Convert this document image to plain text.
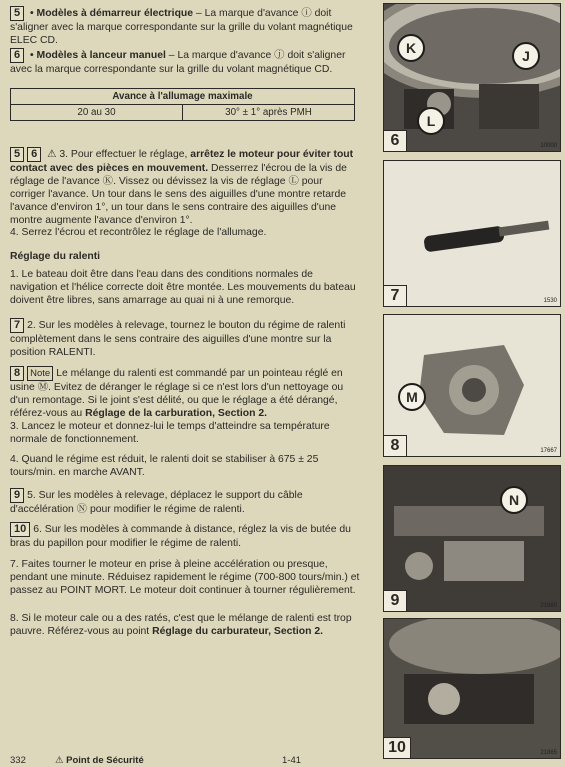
5 • Modèles à démarreur électrique – La marque d'avance ⓘ doit s'aligner avec la marque correspondante sur la grille du volant magnétique ELEC CD.
6 • Modèles à lanceur manuel – La marque d'avance ⓙ doit s'aligner avec la marque correspondante sur la grille du volant magnétique CD.
Avance à l'allumage maximale
20 au 30	30° ± 1° après PMH
5 6 ⚠ 3. Pour effectuer le réglage, arrêtez le moteur pour éviter tout contact avec des pièces en mouvement. Desserrez l'écrou de la vis de réglage de l'avance Ⓚ. Vissez ou dévissez la vis de réglage Ⓛ pour corriger l'avance. Un tour dans le sens des aiguilles d'une montre retarde l'avance d'environ 1°, un tour dans le sens contraire des aiguilles d'une montre augmente l'avance d'environ 1°.
4. Serrez l'écrou et recontrôlez le réglage de l'allumage.
Réglage du ralenti
1. Le bateau doit être dans l'eau dans des conditions normales de navigation et l'hélice correcte doit être montée. Les mouvements du bateau doivent être libres, sans amarrage au quai ni à une remorque.
7 2. Sur les modèles à relevage, tournez le bouton du régime de ralenti complètement dans le sens contraire des aiguilles d'une montre sur la position RALENTI.
8 Note Le mélange du ralenti est commandé par un pointeau réglé en usine Ⓜ. Evitez de déranger le réglage si ce n'est lors d'un nettoyage ou d'un remontage. Si le joint s'est délité, ou que le réglage a été dérangé, référez-vous au Réglage de la carburation, Section 2.
3. Lancez le moteur et donnez-lui le temps d'atteindre sa température normale de fonctionnement.
4. Quand le régime est réduit, le ralenti doit se stabiliser à 675 ± 25 tours/min. en marche AVANT.
9 5. Sur les modèles à relevage, déplacez le support du câble d'accélération Ⓝ pour modifier le régime de ralenti.
10 6. Sur les modèles à commande à distance, réglez la vis de butée du bras du papillon pour modifier le régime de ralenti.
7. Faites tourner le moteur en prise à pleine accélération ou presque, pendant une minute. Réduisez rapidement le régime (700-800 tours/min.) et passez au POINT MORT. Le moteur doit continuer à tourner régulièrement.
8. Si le moteur cale ou a des ratés, c'est que le mélange de ralenti est trop pauvre. Référez-vous au point Réglage du carburateur, Section 2.
K	J
L
6	10000
7	1530
M
8	17667
N
9	21880
10	21885
332	⚠ Point de Sécurité	1-41
